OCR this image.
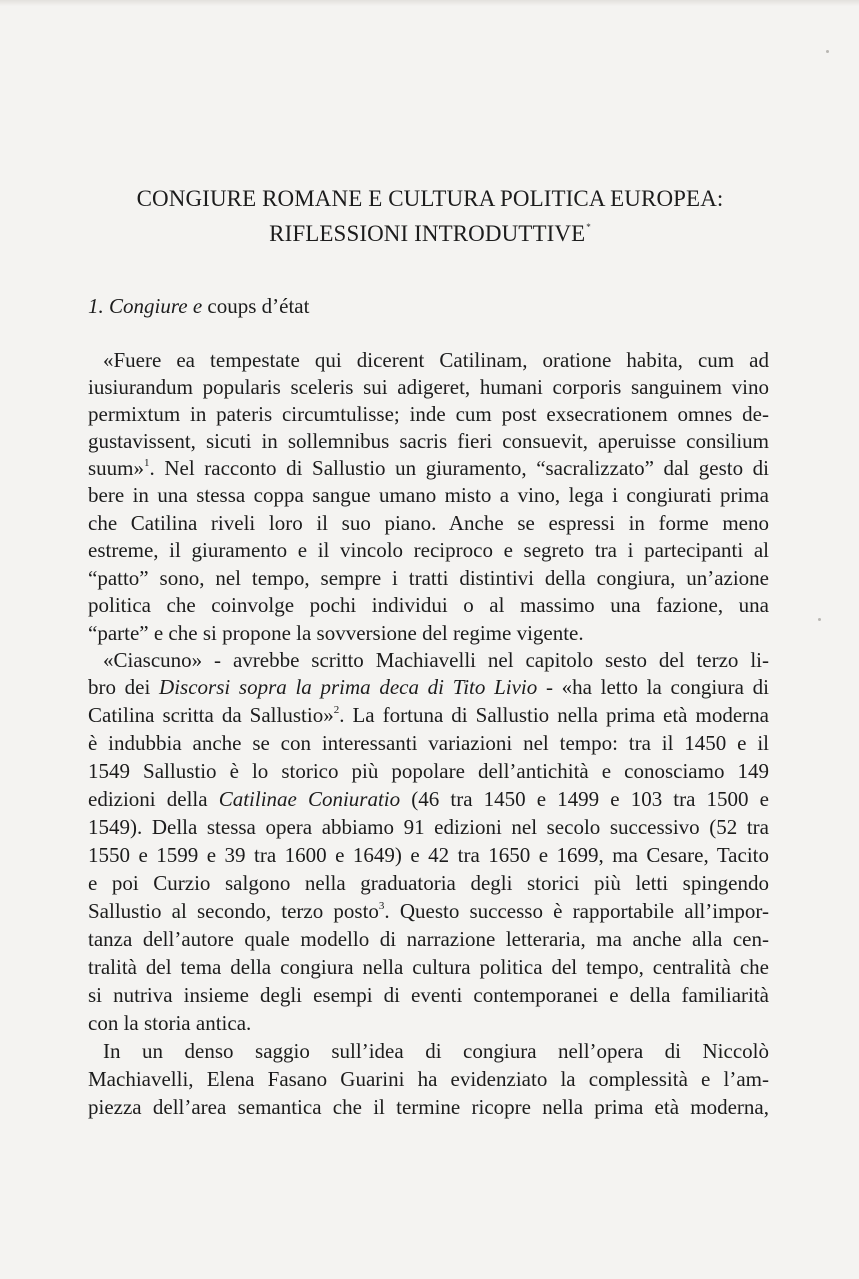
CONGIURE ROMANE E CULTURA POLITICA EUROPEA:
RIFLESSIONI INTRODUTTIVE*
1. Congiure e coups d’état
«Fuere ea tempestate qui dicerent Catilinam, oratione habita, cum ad
iusiurandum popularis sceleris sui adigeret, humani corporis sanguinem vino
permixtum in pateris circumtulisse; inde cum post exsecrationem omnes de-
gustavissent, sicuti in sollemnibus sacris fieri consuevit, aperuisse consilium
suum»$^1$. Nel racconto di Sallustio un giuramento, “sacralizzato” dal gesto di
bere in una stessa coppa sangue umano misto a vino, lega i congiurati prima
che Catilina riveli loro il suo piano. Anche se espressi in forme meno
estreme, il giuramento e il vincolo reciproco e segreto tra i partecipanti al
“patto” sono, nel tempo, sempre i tratti distintivi della congiura, un’azione
politica che coinvolge pochi individui o al massimo una fazione, una
“parte” e che si propone la sovversione del regime vigente.
«Ciascuno» - avrebbe scritto Machiavelli nel capitolo sesto del terzo li-
bro dei Discorsi sopra la prima deca di Tito Livio - «ha letto la congiura di
Catilina scritta da Sallustio»$^2$. La fortuna di Sallustio nella prima età moderna
è indubbia anche se con interessanti variazioni nel tempo: tra il 1450 e il
1549 Sallustio è lo storico più popolare dell’antichità e conosciamo 149
edizioni della Catilinae Coniuratio (46 tra 1450 e 1499 e 103 tra 1500 e
1549). Della stessa opera abbiamo 91 edizioni nel secolo successivo (52 tra
1550 e 1599 e 39 tra 1600 e 1649) e 42 tra 1650 e 1699, ma Cesare, Tacito
e poi Curzio salgono nella graduatoria degli storici più letti spingendo
Sallustio al secondo, terzo posto$^3$. Questo successo è rapportabile all’impor-
tanza dell’autore quale modello di narrazione letteraria, ma anche alla cen-
tralità del tema della congiura nella cultura politica del tempo, centralità che
si nutriva insieme degli esempi di eventi contemporanei e della familiarità
con la storia antica.
In un denso saggio sull’idea di congiura nell’opera di Niccolò
Machiavelli, Elena Fasano Guarini ha evidenziato la complessità e l’am-
piezza dell’area semantica che il termine ricopre nella prima età moderna,
